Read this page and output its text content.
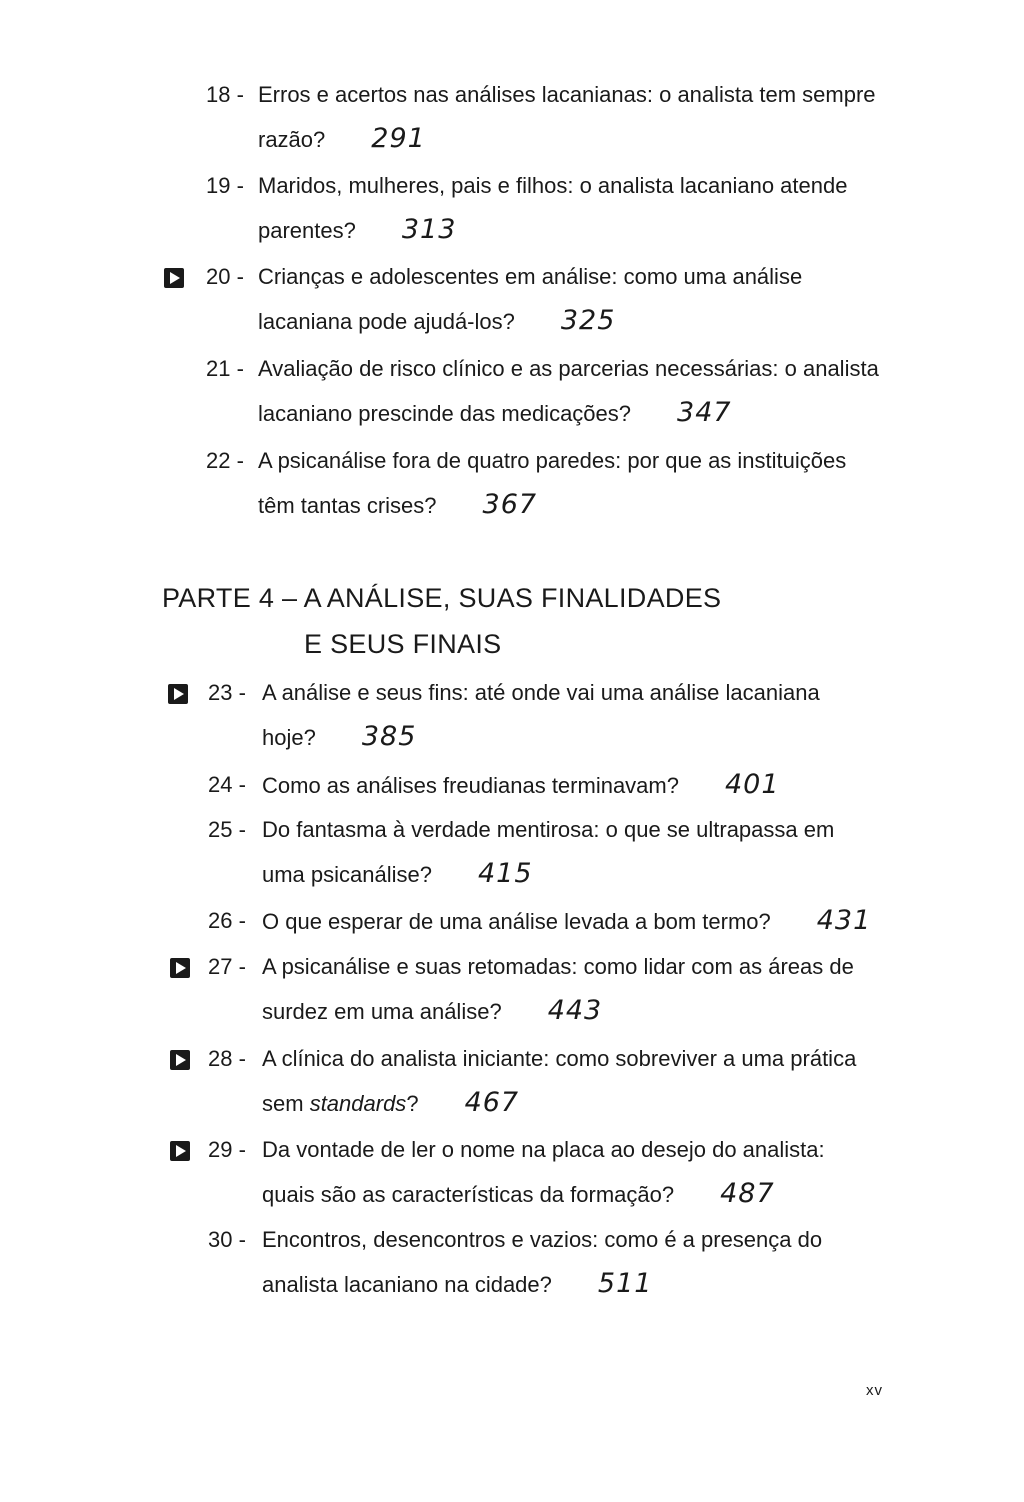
18 - Erros e acertos nas análises lacanianas: o analista tem sempre
razão? 291
19 - Maridos, mulheres, pais e filhos: o analista lacaniano atende
parentes? 313
20 - Crianças e adolescentes em análise: como uma análise
lacaniana pode ajudá-los? 325
21 - Avaliação de risco clínico e as parcerias necessárias: o analista
lacaniano prescinde das medicações? 347
22 - A psicanálise fora de quatro paredes: por que as instituições
têm tantas crises? 367
PARTE 4 – A ANÁLISE, SUAS FINALIDADES
E SEUS FINAIS
23 - A análise e seus fins: até onde vai uma análise lacaniana
hoje? 385
24 - Como as análises freudianas terminavam? 401
25 - Do fantasma à verdade mentirosa: o que se ultrapassa em
uma psicanálise? 415
26 - O que esperar de uma análise levada a bom termo? 431
27 - A psicanálise e suas retomadas: como lidar com as áreas de
surdez em uma análise? 443
28 - A clínica do analista iniciante: como sobreviver a uma prática
sem standards? 467
29 - Da vontade de ler o nome na placa ao desejo do analista:
quais são as características da formação? 487
30 - Encontros, desencontros e vazios: como é a presença do
analista lacaniano na cidade? 511
xv
